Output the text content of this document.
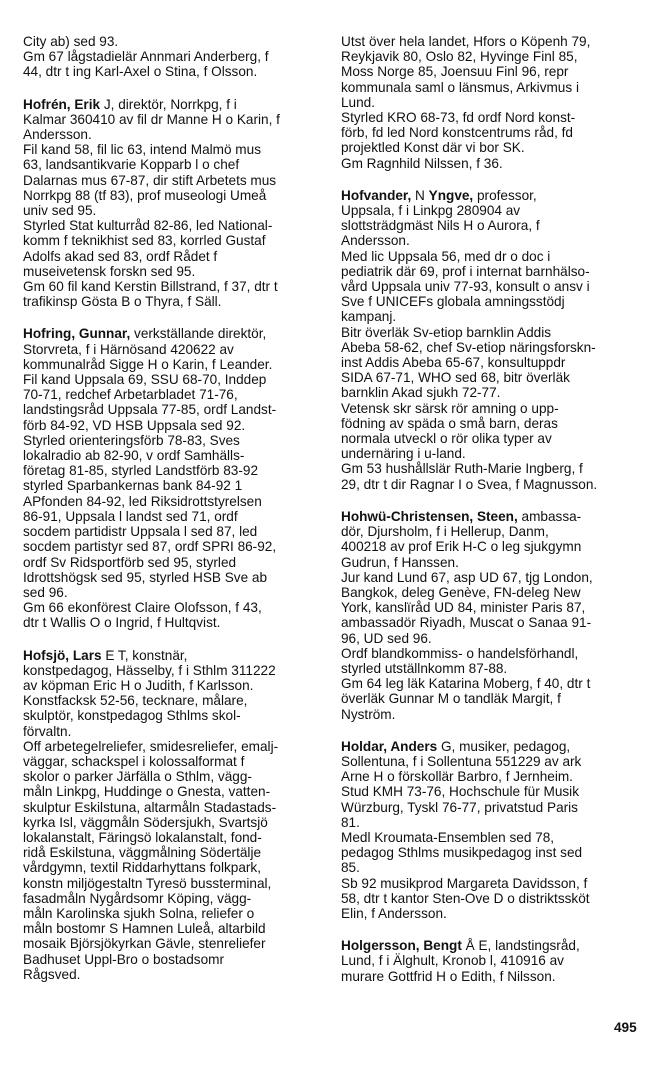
City ab) sed 93.
Gm 67 lågstadielär Annmari Anderberg, f
44, dtr t ing Karl-Axel o Stina, f Olsson.
Hofrén, Erik J, direktör, Norrkpg, f i
Kalmar 360410 av fil dr Manne H o Karin, f
Andersson.
Fil kand 58, fil lic 63, intend Malmö mus
63, landsantikvarie Kopparb l o chef
Dalarnas mus 67-87, dir stift Arbetets mus
Norrkpg 88 (tf 83), prof museologi Umeå
univ sed 95.
Styrled Stat kulturråd 82-86, led National-
komm f teknikhist sed 83, korrled Gustaf
Adolfs akad sed 83, ordf Rådet f
museivetensk forskn sed 95.
Gm 60 fil kand Kerstin Billstrand, f 37, dtr t
trafikinsp Gösta B o Thyra, f Säll.
Hofring, Gunnar, verkställande direktör,
Storvreta, f i Härnösand 420622 av
kommunalråd Sigge H o Karin, f Leander.
Fil kand Uppsala 69, SSU 68-70, Inddep
70-71, redchef Arbetarbladet 71-76,
landstingsråd Uppsala 77-85, ordf Landst-
förb 84-92, VD HSB Uppsala sed 92.
Styrled orienteringsförb 78-83, Sves
lokalradio ab 82-90, v ordf Samhälls-
företag 81-85, styrled Landstförb 83-92
styrled Sparbankernas bank 84-92 1
APfonden 84-92, led Riksidrottstyrelsen
86-91, Uppsala l landst sed 71, ordf
socdem partidistr Uppsala l sed 87, led
socdem partistyr sed 87, ordf SPRI 86-92,
ordf Sv Ridsportförb sed 95, styrled
Idrottshögsk sed 95, styrled HSB Sve ab
sed 96.
Gm 66 ekonförest Claire Olofsson, f 43,
dtr t Wallis O o Ingrid, f Hultqvist.
Hofsjö, Lars E T, konstnär,
konstpedagog, Hässelby, f i Sthlm 311222
av köpman Eric H o Judith, f Karlsson.
Konstfacksk 52-56, tecknare, målare,
skulptör, konstpedagog Sthlms skol-
förvaltn.
Off arbetegelreliefer, smidesreliefer, emalj-
väggar, schackspel i kolossalformat f
skolor o parker Järfälla o Sthlm, vägg-
måln Linkpg, Huddinge o Gnesta, vatten-
skulptur Eskilstuna, altarmåln Stadastads-
kyrka Isl, väggmåln Södersjukh, Svartsjö
lokalanstalt, Färingsö lokalanstalt, fond-
ridå Eskilstuna, väggmålning Södertälje
vårdgymn, textil Riddarhyttans folkpark,
konstn miljögestaltn Tyresö bussterminal,
fasadmåln Nygårdsomr Köping, vägg-
måln Karolinska sjukh Solna, reliefer o
måln bostomr S Hamnen Luleå, altarbild
mosaik Björsjökyrkan Gävle, stenreliefer
Badhuset Uppl-Bro o bostadsomr
Rågsved.
Utst över hela landet, Hfors o Köpenh 79,
Reykjavik 80, Oslo 82, Hyvinge Finl 85,
Moss Norge 85, Joensuu Finl 96, repr
kommunala saml o länsmus, Arkivmus i
Lund.
Styrled KRO 68-73, fd ordf Nord konst-
förb, fd led Nord konstcentrums råd, fd
projektled Konst där vi bor SK.
Gm Ragnhild Nilssen, f 36.
Hofvander, N Yngve, professor,
Uppsala, f i Linkpg 280904 av
slottsträdgmäst Nils H o Aurora, f
Andersson.
Med lic Uppsala 56, med dr o doc i
pediatrik där 69, prof i internat barnhälso-
vård Uppsala univ 77-93, konsult o ansv i
Sve f UNICEFs globala amningsstödj
kampanj.
Bitr överläk Sv-etiop barnklin Addis
Abeba 58-62, chef Sv-etiop näringsforskn-
inst Addis Abeba 65-67, konsultuppdr
SIDA 67-71, WHO sed 68, bitr överläk
barnklin Akad sjukh 72-77.
Vetensk skr särsk rör amning o upp-
födning av späda o små barn, deras
normala utveckl o rör olika typer av
undernäring i u-land.
Gm 53 hushållslär Ruth-Marie Ingberg, f
29, dtr t dir Ragnar I o Svea, f Magnusson.
Hohwü-Christensen, Steen, ambassa-
dör, Djursholm, f i Hellerup, Danm,
400218 av prof Erik H-C o leg sjukgymn
Gudrun, f Hanssen.
Jur kand Lund 67, asp UD 67, tjg London,
Bangkok, deleg Genève, FN-deleg New
York, kanslïråd UD 84, minister Paris 87,
ambassadör Riyadh, Muscat o Sanaa 91-
96, UD sed 96.
Ordf blandkommiss- o handelsförhandl,
styrled utställnkomm 87-88.
Gm 64 leg läk Katarina Moberg, f 40, dtr t
överläk Gunnar M o tandläk Margit, f
Nyström.
Holdar, Anders G, musiker, pedagog,
Sollentuna, f i Sollentuna 551229 av ark
Arne H o förskollär Barbro, f Jernheim.
Stud KMH 73-76, Hochschule für Musik
Würzburg, Tyskl 76-77, privatstud Paris
81.
Medl Kroumata-Ensemblen sed 78,
pedagog Sthlms musikpedagog inst sed
85.
Sb 92 musikprod Margareta Davidsson, f
58, dtr t kantor Sten-Ove D o distriktssköt
Elin, f Andersson.
Holgersson, Bengt Å E, landstingsråd,
Lund, f i Älghult, Kronob l, 410916 av
murare Gottfrid H o Edith, f Nilsson.
495
